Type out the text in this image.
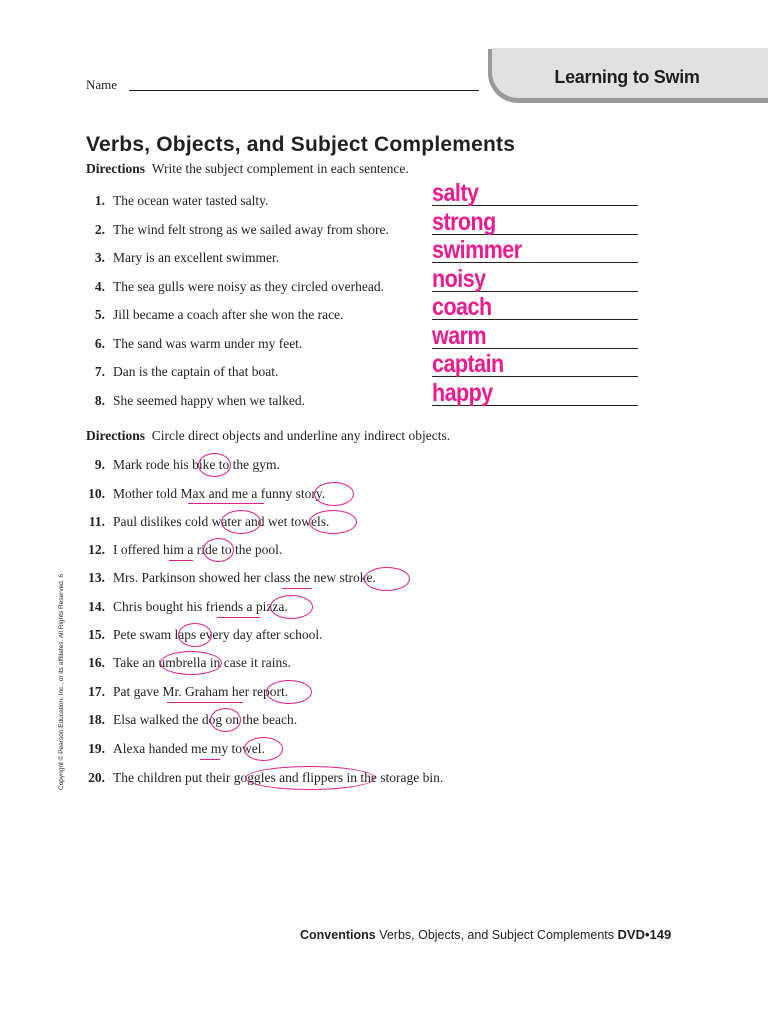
Name	Learning to Swim
Verbs, Objects, and Subject Complements
Directions Write the subject complement in each sentence.
1. The ocean water tasted salty.	salty
2. The wind felt strong as we sailed away from shore. strong
3. Mary is an excellent swimmer.	swimmer
4. The sea gulls were noisy as they circled overhead. noisy
5. Jill became a coach after she won the race.	coach
6. The sand was warm under my feet.	warm
7. Dan is the captain of that boat.	captain
8. She seemed happy when we talked.	happy
Directions Circle direct objects and underline any indirect objects.
9. Mark rode his bike to the gym.
10. Mother told Max and me a funny story.
11. Paul dislikes cold water and wet towels.
12. I offered him a ride to the pool.
13. Mrs. Parkinson showed her class the new stroke.
14. Chris bought his friends a pizza.
15. Pete swam laps every day after school.
16. Take an umbrella in case it rains.
17. Pat gave Mr. Graham her report.
18. Elsa walked the dog on the beach.
19. Alexa handed me my towel.
20. The children put their goggles and flippers in the storage bin.
Copyright © Pearson Education, Inc., or its affiliates. All Rights Reserved. 6
Conventions Verbs, Objects, and Subject Complements DVD•149
